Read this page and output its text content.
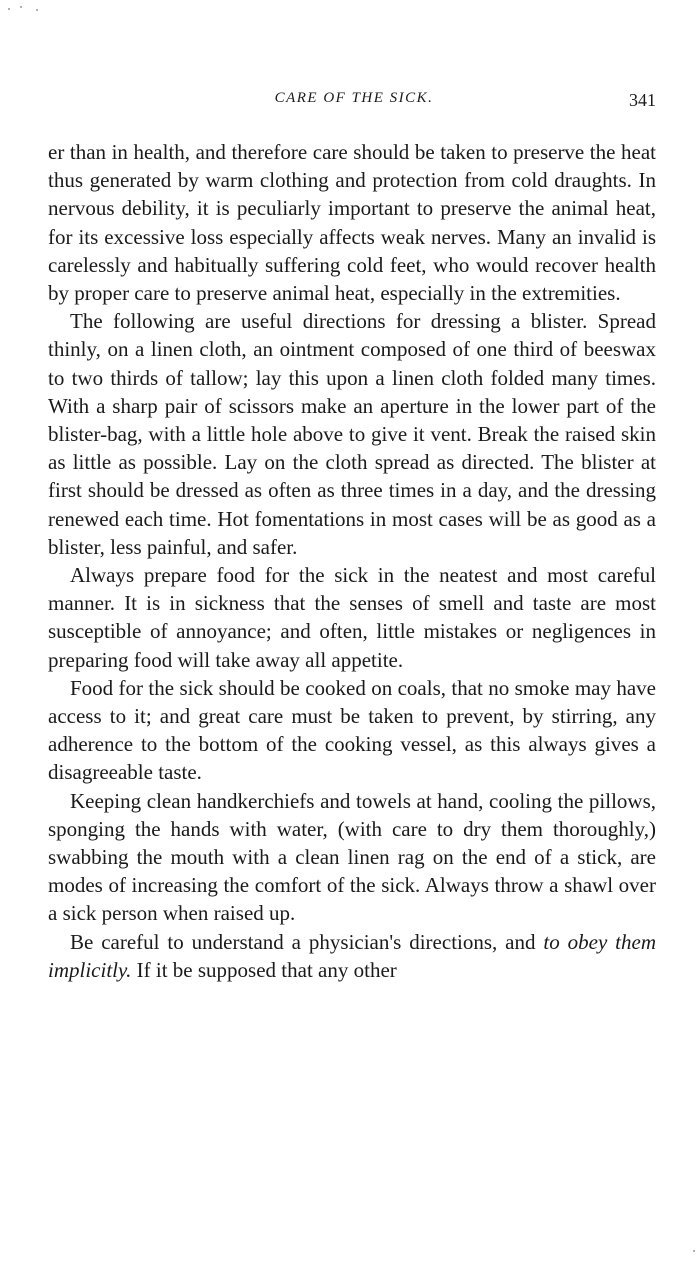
CARE OF THE SICK.	341

er than in health, and therefore care should be taken to preserve the heat thus generated by warm clothing and protection from cold draughts. In nervous debility, it is peculiarly important to preserve the animal heat, for its excessive loss especially affects weak nerves. Many an invalid is carelessly and habitually suffering cold feet, who would recover health by proper care to preserve animal heat, especially in the extremities.

The following are useful directions for dressing a blister. Spread thinly, on a linen cloth, an ointment composed of one third of beeswax to two thirds of tallow; lay this upon a linen cloth folded many times. With a sharp pair of scissors make an aperture in the lower part of the blister-bag, with a little hole above to give it vent. Break the raised skin as little as possible. Lay on the cloth spread as directed. The blister at first should be dressed as often as three times in a day, and the dressing renewed each time. Hot fomentations in most cases will be as good as a blister, less painful, and safer.

Always prepare food for the sick in the neatest and most careful manner. It is in sickness that the senses of smell and taste are most susceptible of annoyance; and often, little mistakes or negligences in preparing food will take away all appetite.

Food for the sick should be cooked on coals, that no smoke may have access to it; and great care must be taken to prevent, by stirring, any adherence to the bottom of the cooking vessel, as this always gives a disagreeable taste.

Keeping clean handkerchiefs and towels at hand, cooling the pillows, sponging the hands with water, (with care to dry them thoroughly,) swabbing the mouth with a clean linen rag on the end of a stick, are modes of increasing the comfort of the sick. Always throw a shawl over a sick person when raised up.

Be careful to understand a physician's directions, and to obey them implicitly. If it be supposed that any other
